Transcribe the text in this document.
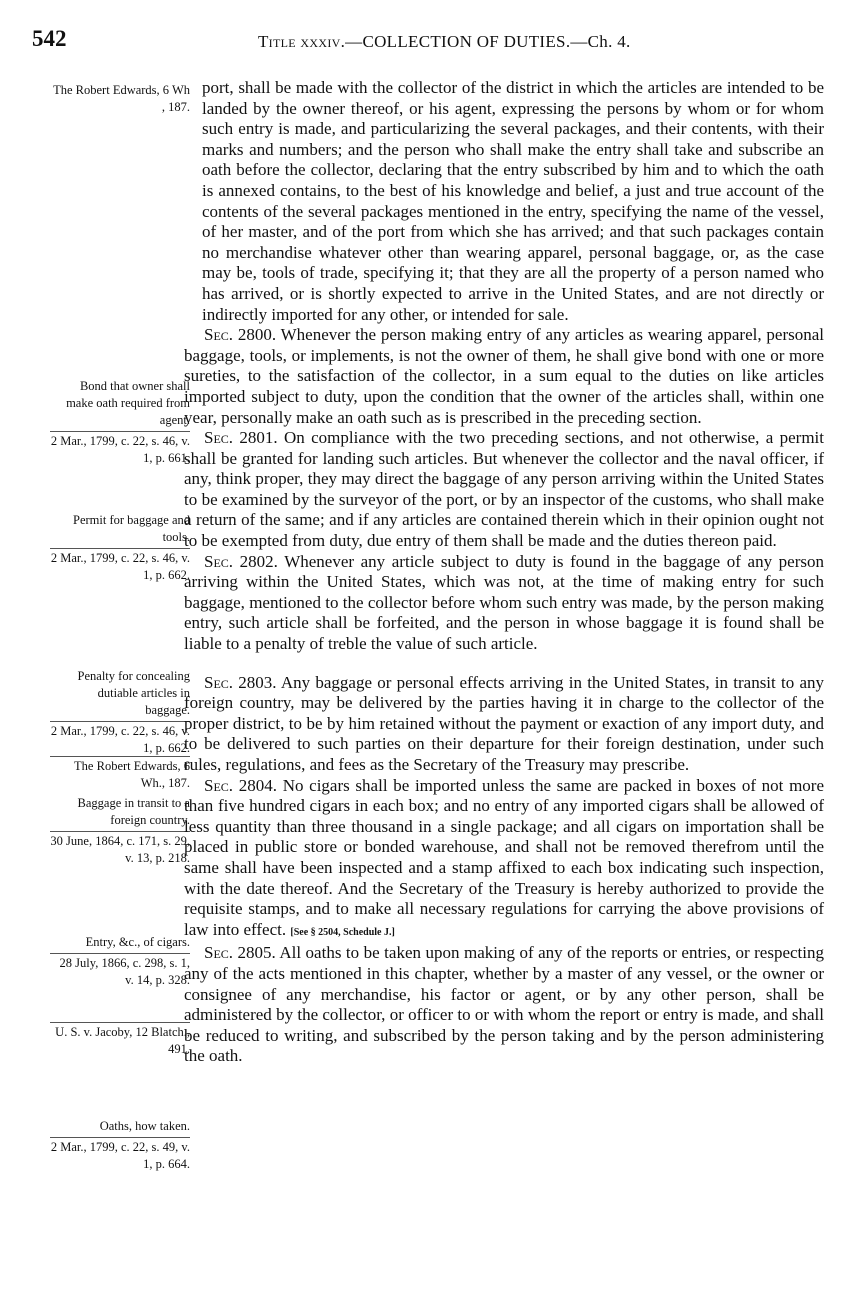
542	Title xxxiv.—COLLECTION OF DUTIES.—Ch. 4.
The Robert Edwards, 6 Wh , 187.
Bond that owner shall make oath required from agent.
2 Mar., 1799, c. 22, s. 46, v. 1, p. 661.
Permit for baggage and tools.
2 Mar., 1799, c. 22, s. 46, v. 1, p. 662.
Penalty for concealing dutiable articles in baggage.
2 Mar., 1799, c. 22, s. 46, v. 1, p. 662.
The Robert Edwards, 6 Wh., 187.
Baggage in transit to a foreign country.
30 June, 1864, c. 171, s. 29, v. 13, p. 218.
Entry, &c., of cigars.
28 July, 1866, c. 298, s. 1, v. 14, p. 328.
U. S. v. Jacoby, 12 Blatch., 491.
Oaths, how taken.
2 Mar., 1799, c. 22, s. 49, v. 1, p. 664.

port, shall be made with the collector of the district in which the articles are intended to be landed by the owner thereof, or his agent, expressing the persons by whom or for whom such entry is made, and particularizing the several packages, and their contents, with their marks and numbers; and the person who shall make the entry shall take and subscribe an oath before the collector, declaring that the entry subscribed by him and to which the oath is annexed contains, to the best of his knowledge and belief, a just and true account of the contents of the several packages mentioned in the entry, specifying the name of the vessel, of her master, and of the port from which she has arrived; and that such packages contain no merchandise whatever other than wearing apparel, personal baggage, or, as the case may be, tools of trade, specifying it; that they are all the property of a person named who has arrived, or is shortly expected to arrive in the United States, and are not directly or indirectly imported for any other, or intended for sale.

Sec. 2800. Whenever the person making entry of any articles as wearing apparel, personal baggage, tools, or implements, is not the owner of them, he shall give bond with one or more sureties, to the satisfaction of the collector, in a sum equal to the duties on like articles imported subject to duty, upon the condition that the owner of the articles shall, within one year, personally make an oath such as is prescribed in the preceding section.

Sec. 2801. On compliance with the two preceding sections, and not otherwise, a permit shall be granted for landing such articles. But whenever the collector and the naval officer, if any, think proper, they may direct the baggage of any person arriving within the United States to be examined by the surveyor of the port, or by an inspector of the customs, who shall make a return of the same; and if any articles are contained therein which in their opinion ought not to be exempted from duty, due entry of them shall be made and the duties thereon paid.

Sec. 2802. Whenever any article subject to duty is found in the baggage of any person arriving within the United States, which was not, at the time of making entry for such baggage, mentioned to the collector before whom such entry was made, by the person making entry, such article shall be forfeited, and the person in whose baggage it is found shall be liable to a penalty of treble the value of such article.

Sec. 2803. Any baggage or personal effects arriving in the United States, in transit to any foreign country, may be delivered by the parties having it in charge to the collector of the proper district, to be by him retained without the payment or exaction of any import duty, and to be delivered to such parties on their departure for their foreign destination, under such rules, regulations, and fees as the Secretary of the Treasury may prescribe.

Sec. 2804. No cigars shall be imported unless the same are packed in boxes of not more than five hundred cigars in each box; and no entry of any imported cigars shall be allowed of less quantity than three thousand in a single package; and all cigars on importation shall be placed in public store or bonded warehouse, and shall not be removed therefrom until the same shall have been inspected and a stamp affixed to each box indicating such inspection, with the date thereof. And the Secretary of the Treasury is hereby authorized to provide the requisite stamps, and to make all necessary regulations for carrying the above provisions of law into effect. [See § 2504, Schedule J.]

Sec. 2805. All oaths to be taken upon making of any of the reports or entries, or respecting any of the acts mentioned in this chapter, whether by a master of any vessel, or the owner or consignee of any merchandise, his factor or agent, or by any other person, shall be administered by the collector, or officer to or with whom the report or entry is made, and shall be reduced to writing, and subscribed by the person taking and by the person administering the oath.
